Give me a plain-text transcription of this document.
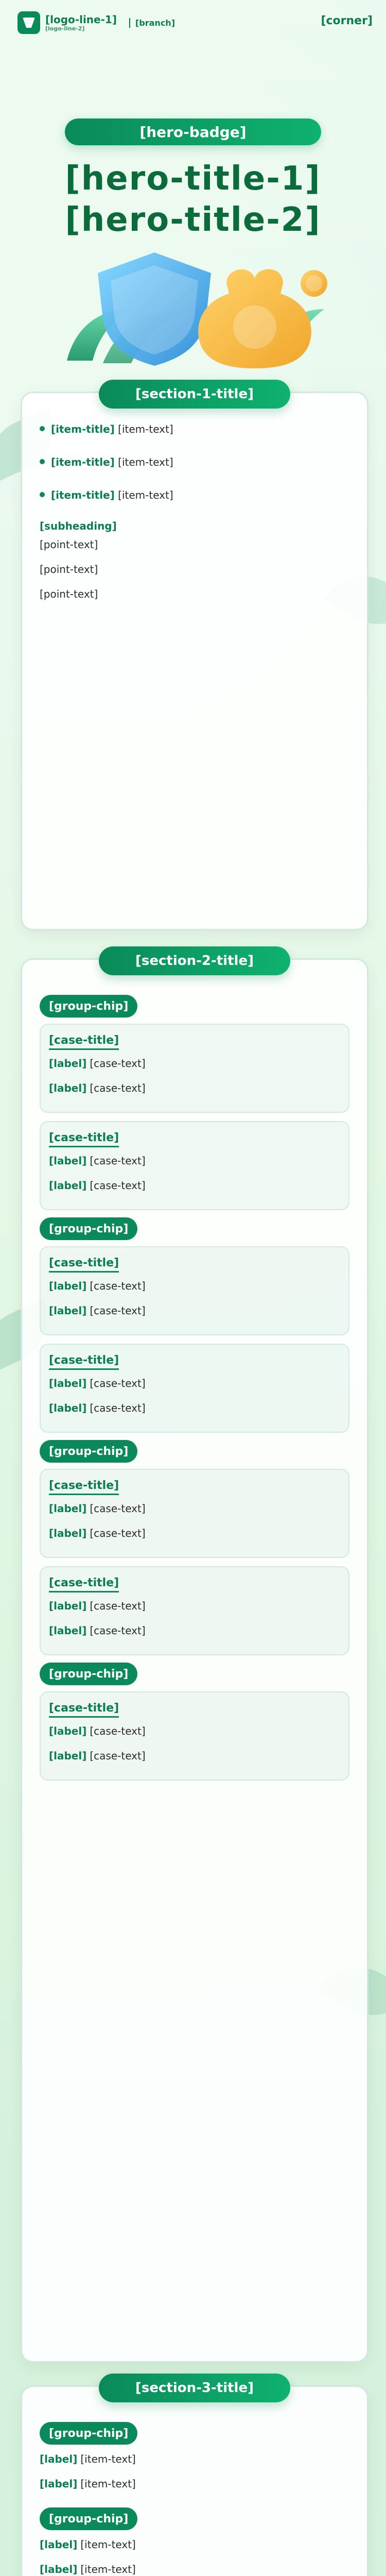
[logo-line-1]
[logo-line-2]
[branch]	[corner]
[hero-badge]
[hero-title-1]
[hero-title-2]
[section-1-title]
[item-title] [item-text]
[item-title] [item-text]
[item-title] [item-text]
[subheading]
[point-text]
[point-text]
[point-text]
[section-2-title]
[group-chip]
[case-title]
[label] [case-text]
[label] [case-text]
[case-title]
[label] [case-text]
[label] [case-text]
[group-chip]
[case-title]
[label] [case-text]
[label] [case-text]
[case-title]
[label] [case-text]
[label] [case-text]
[group-chip]
[case-title]
[label] [case-text]
[label] [case-text]
[case-title]
[label] [case-text]
[label] [case-text]
[group-chip]
[case-title]
[label] [case-text]
[label] [case-text]
[section-3-title]
[group-chip]
[label] [item-text]
[label] [item-text]
[group-chip]
[label] [item-text]
[label] [item-text]
